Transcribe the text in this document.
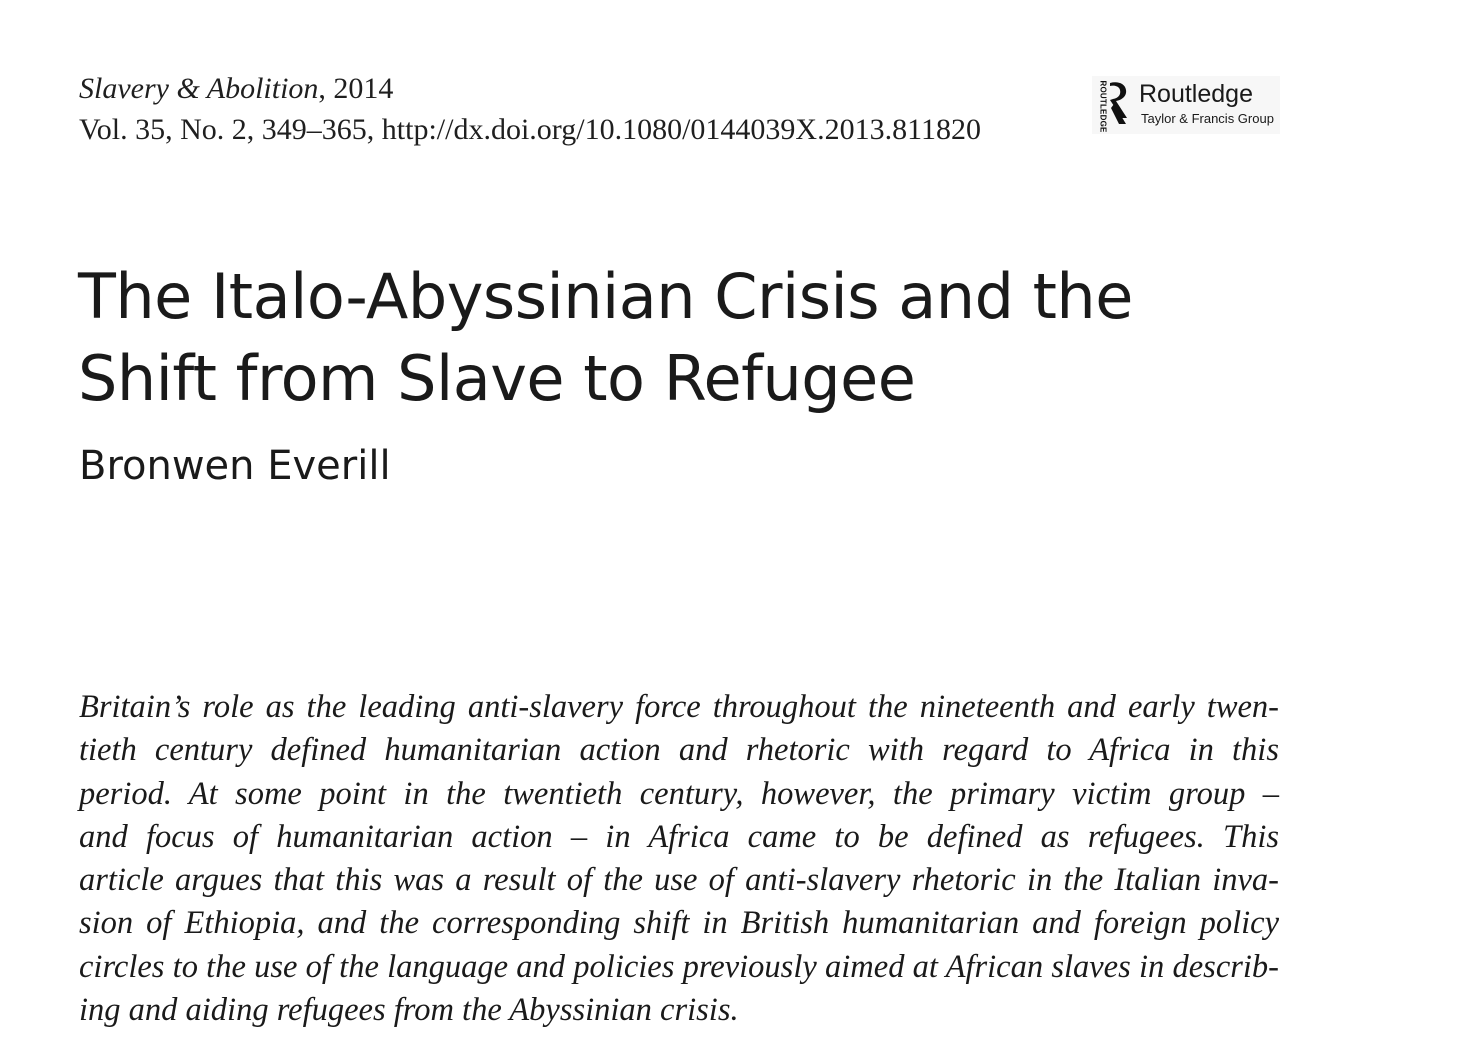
Slavery & Abolition, 2014
Vol. 35, No. 2, 349–365, http://dx.doi.org/10.1080/0144039X.2013.811820	ROUTLEDGE Routledge
Taylor & Francis Group
The Italo-Abyssinian Crisis and the
Shift from Slave to Refugee
Bronwen Everill

Britain’s role as the leading anti-slavery force throughout the nineteenth and early twen-
tieth century defined humanitarian action and rhetoric with regard to Africa in this
period. At some point in the twentieth century, however, the primary victim group –
and focus of humanitarian action – in Africa came to be defined as refugees. This
article argues that this was a result of the use of anti-slavery rhetoric in the Italian inva-
sion of Ethiopia, and the corresponding shift in British humanitarian and foreign policy
circles to the use of the language and policies previously aimed at African slaves in describ-
ing and aiding refugees from the Abyssinian crisis.
